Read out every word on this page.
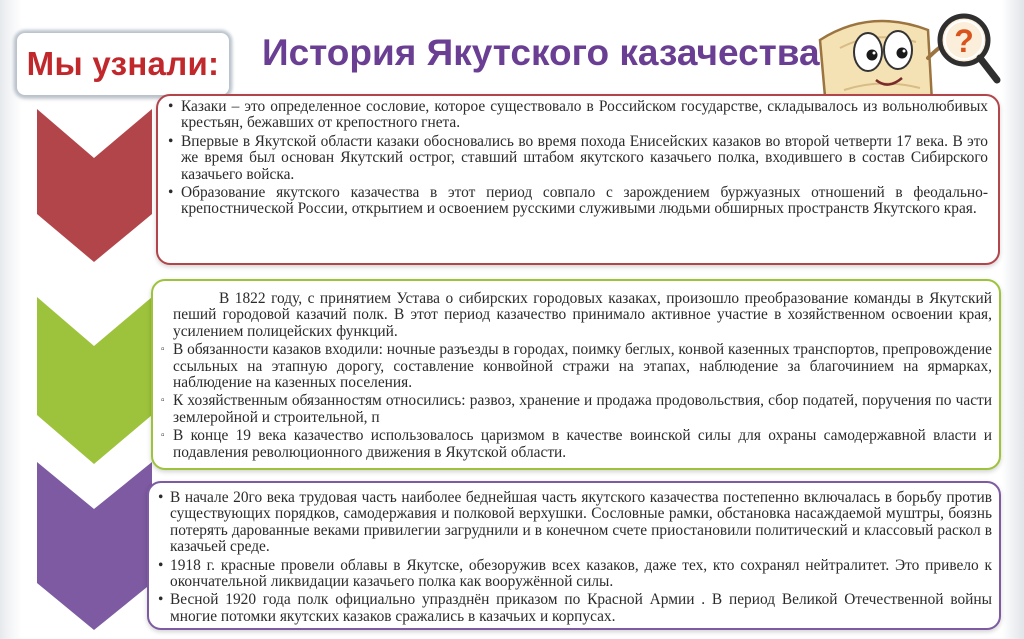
Мы узнали: История Якутского казачества	?
• Казаки – это определенное сословие, которое существовало в Российском государстве, складывалось из вольнолюбивых крестьян, бежавших от крепостного гнета.
• Впервые в Якутской области казаки обосновались во время похода Енисейских казаков во второй четверти 17 века. В это же время был основан Якутский острог, ставший штабом якутского казачьего полка, входившего в состав Сибирского казачьего войска.
• Образование якутского казачества в этот период совпало с зарождением буржуазных отношений в феодально-крепостнической России, открытием и освоением русскими служивыми людьми обширных пространств Якутского края.
В 1822 году, с принятием Устава о сибирских городовых казаках, произошло преобразование команды в Якутский пеший городовой казачий полк. В этот период казачество принимало активное участие в хозяйственном освоении края, усилением полицейских функций.
▫ В обязанности казаков входили: ночные разъезды в городах, поимку беглых, конвой казенных транспортов, препровождение ссыльных на этапную дорогу, составление конвойной стражи на этапах, наблюдение за благочинием на ярмарках, наблюдение на казенных поселения.
▫ К хозяйственным обязанностям относились: развоз, хранение и продажа продовольствия, сбор податей, поручения по части землеройной и строительной, п
▫ В конце 19 века казачество использовалось царизмом в качестве воинской силы для охраны самодержавной власти и подавления революционного движения в Якутской области.
• В начале 20го века трудовая часть наиболее беднейшая часть якутского казачества постепенно включалась в борьбу против существующих порядков, самодержавия и полковой верхушки. Сословные рамки, обстановка насаждаемой муштры, боязнь потерять дарованные веками привилегии загруднили и в конечном счете приостановили политический и классовый раскол в казачьей среде.
• 1918 г. красные провели облавы в Якутске, обезоружив всех казаков, даже тех, кто сохранял нейтралитет. Это привело к окончательной ликвидации казачьего полка как вооружённой силы.
• Весной 1920 года полк официально упразднён приказом по Красной Армии . В период Великой Отечественной войны многие потомки якутских казаков сражались в казачьих и корпусах.
